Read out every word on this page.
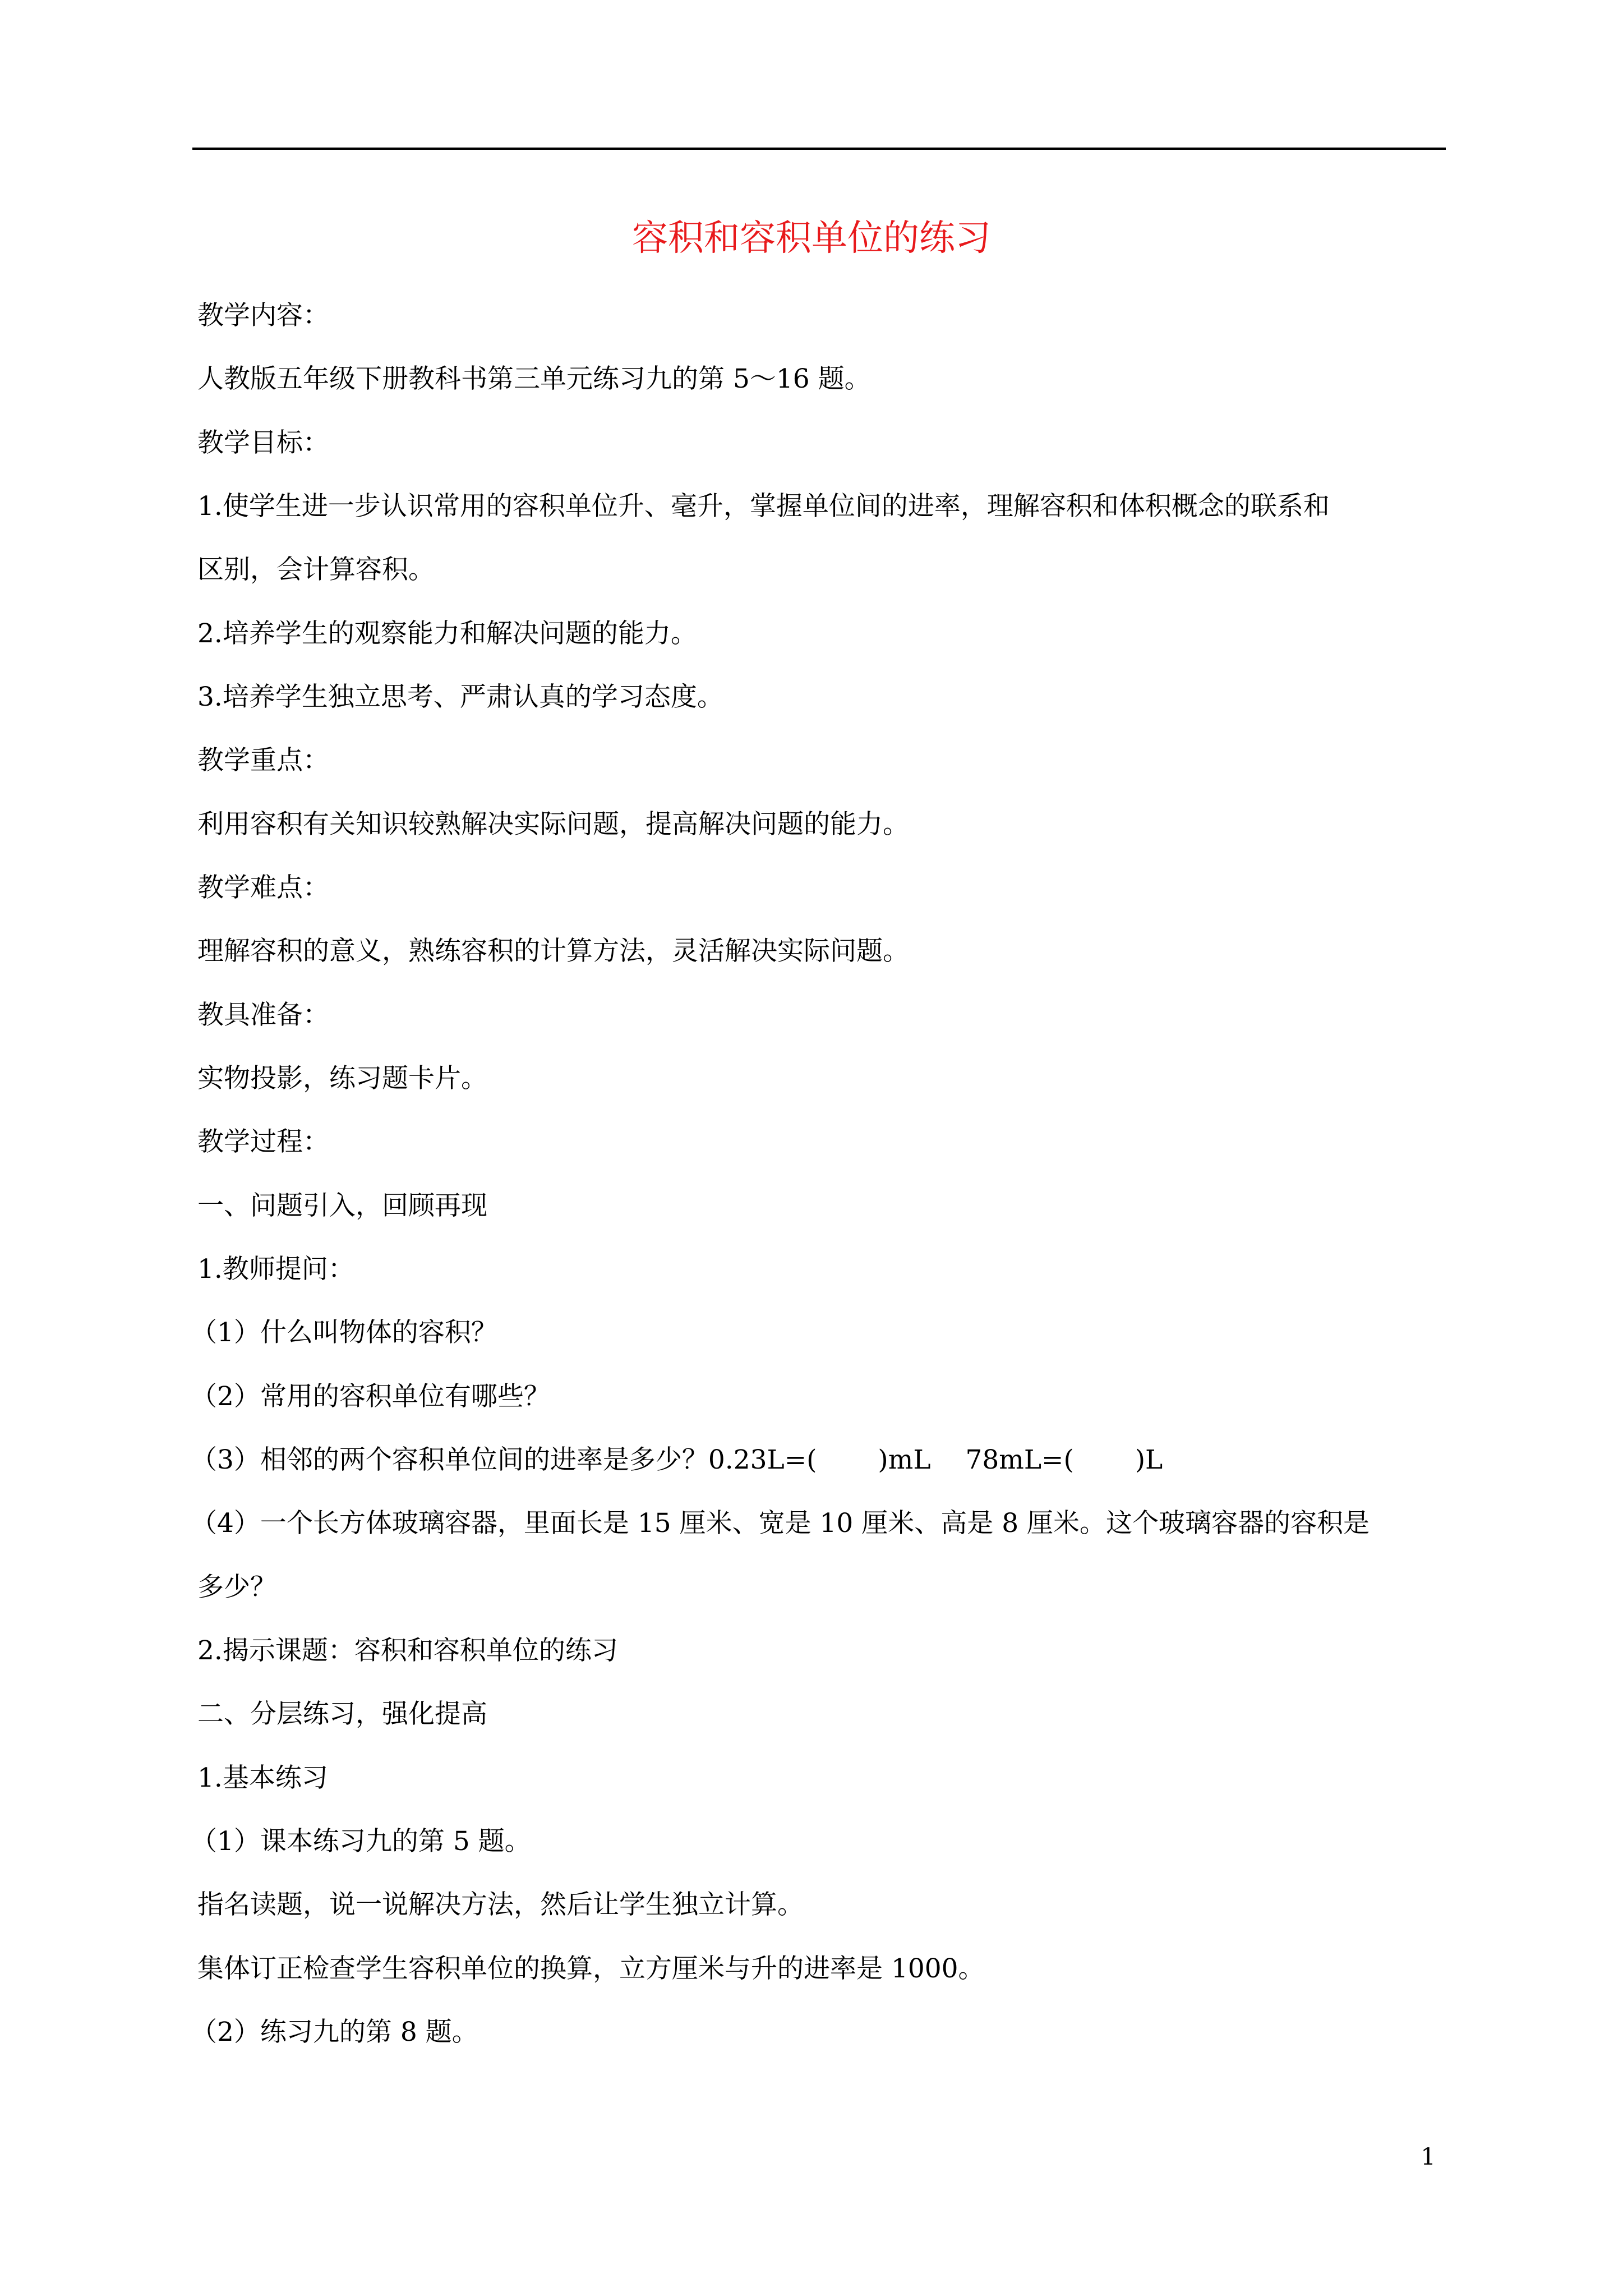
容积和容积单位的练习
教学内容：
人教版五年级下册教科书第三单元练习九的第 5～16 题。
教学目标：
1.使学生进一步认识常用的容积单位升、毫升，掌握单位间的进率，理解容积和体积概念的联系和
区别，会计算容积。
2.培养学生的观察能力和解决问题的能力。
3.培养学生独立思考、严肃认真的学习态度。
教学重点：
利用容积有关知识较熟解决实际问题，提高解决问题的能力。
教学难点：
理解容积的意义，熟练容积的计算方法，灵活解决实际问题。
教具准备：
实物投影，练习题卡片。
教学过程：
一、问题引入，回顾再现
1.教师提问：
（1）什么叫物体的容积？
（2）常用的容积单位有哪些？
（3）相邻的两个容积单位间的进率是多少？0.23L=(　　 )mL　 78mL=(　　 )L
（4）一个长方体玻璃容器，里面长是 15 厘米、宽是 10 厘米、高是 8 厘米。这个玻璃容器的容积是
多少？
2.揭示课题：容积和容积单位的练习
二、分层练习，强化提高
1.基本练习
（1）课本练习九的第 5 题。
指名读题，说一说解决方法，然后让学生独立计算。
集体订正检查学生容积单位的换算，立方厘米与升的进率是 1000。
（2）练习九的第 8 题。
1
